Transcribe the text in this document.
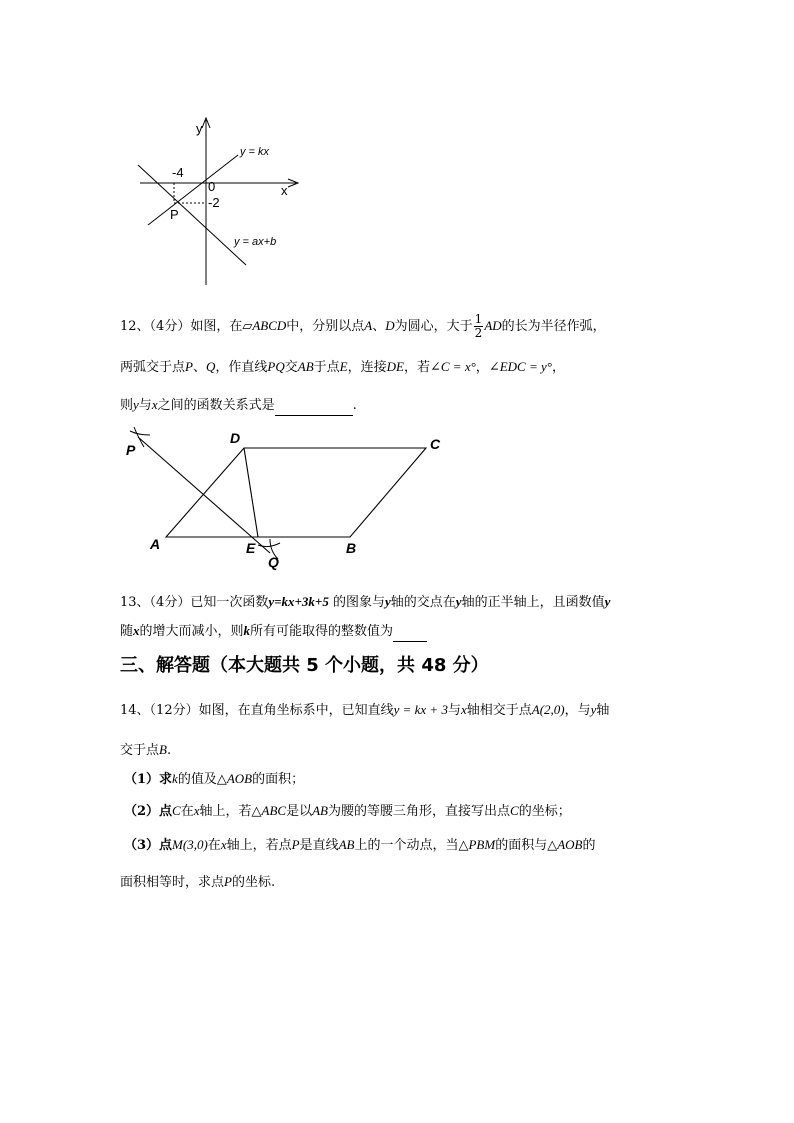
y
x
0
-4
-2
P
y = kx
y = ax+b
12、（4分）如图，在▱ABCD中，分别以点A、D为圆心，大于 $\frac{1}{2}$ AD的长为半径作弧，
两弧交于点P、Q，作直线PQ交AB于点E，连接DE，若∠C = x°，∠EDC = y°，
则y与x之间的函数关系式是	.
P
D	C
A	E	B
Q
13、（4分）已知一次函数y=kx+3k+5 的图象与y轴的交点在y轴的正半轴上，且函数值y
随x的增大而减小，则k所有可能取得的整数值为
三、解答题（本大题共 5 个小题，共 48 分）
14、（12分）如图，在直角坐标系中，已知直线y = kx + 3与x轴相交于点A(2,0)，与y轴
交于点B.
（1）求k的值及△AOB的面积；
（2）点C在x轴上，若△ABC是以AB为腰的等腰三角形，直接写出点C的坐标；
（3）点M(3,0)在x轴上，若点P是直线AB上的一个动点，当△PBM的面积与△AOB的
面积相等时，求点P的坐标.
